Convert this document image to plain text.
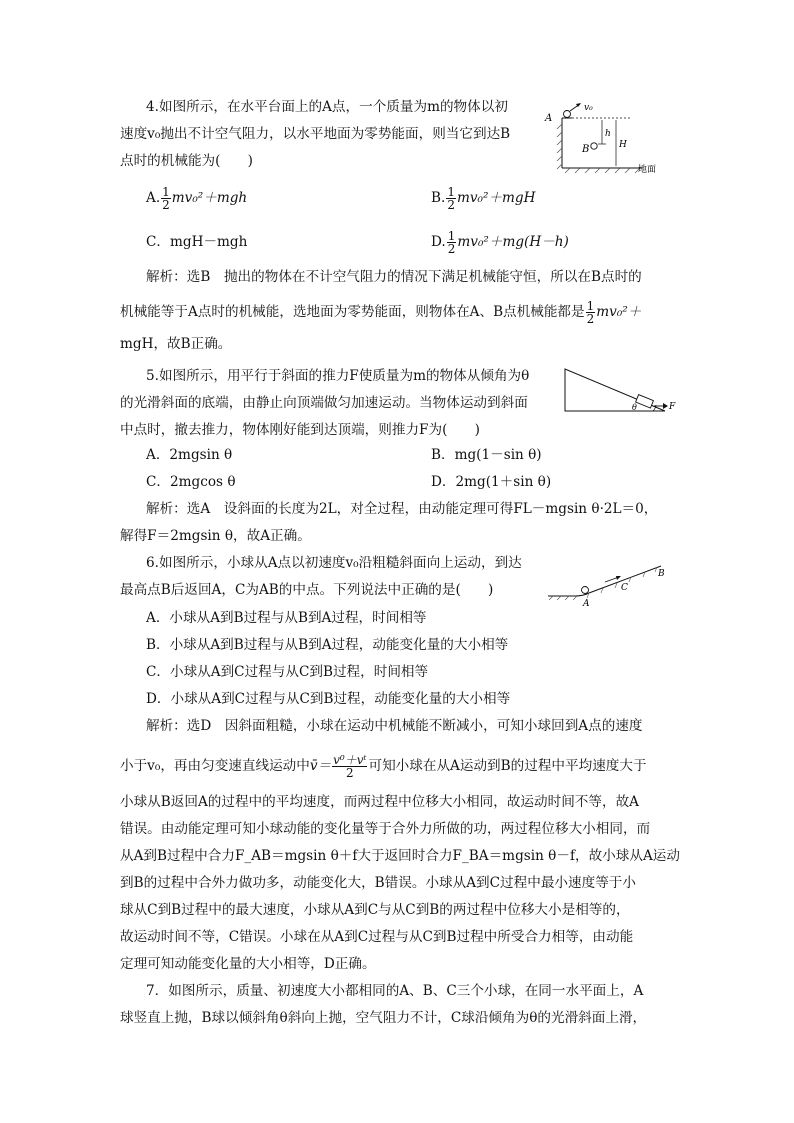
4.如图所示，在水平台面上的A点，一个质量为m的物体以初
速度v₀抛出不计空气阻力，以水平地面为零势能面，则当它到达B
点时的机械能为(　　)
A. $\frac{1}{2} mv_0^2+mgh$	B. $\frac{1}{2} mv_0^2+mgH$
C．mgH－mgh	D. $\frac{1}{2} mv_0^2+mg(H-h)$
v₀
A
B
h
H
地面
解析：选B　抛出的物体在不计空气阻力的情况下满足机械能守恒，所以在B点时的
机械能等于A点时的机械能，选地面为零势能面，则物体在A、B点机械能都是 $\frac{1}{2} mv_0^2+$
mgH，故B正确。
5.如图所示，用平行于斜面的推力F使质量为m的物体从倾角为θ
的光滑斜面的底端，由静止向顶端做匀加速运动。当物体运动到斜面
中点时，撤去推力，物体刚好能到达顶端，则推力F为(　　)
θ	F
A．2mgsin θ	B．mg(1－sin θ)
C．2mgcos θ	D．2mg(1＋sin θ)
解析：选A　设斜面的长度为2L，对全过程，由动能定理可得FL－mgsin θ·2L＝0，
解得F＝2mgsin θ，故A正确。
6.如图所示，小球从A点以初速度v₀沿粗糙斜面向上运动，到达
最高点B后返回A，C为AB的中点。下列说法中正确的是(　　)
A
C
B
A．小球从A到B过程与从B到A过程，时间相等
B．小球从A到B过程与从B到A过程，动能变化量的大小相等
C．小球从A到C过程与从C到B过程，时间相等
D．小球从A到C过程与从C到B过程，动能变化量的大小相等
解析：选D　因斜面粗糙，小球在运动中机械能不断减小，可知小球回到A点的速度
小于v₀，再由匀变速直线运动中v̄＝ $\frac{\text{v⁰＋vᵗ}}{2}$ 可知小球在从A运动到B的过程中平均速度大于
小球从B返回A的过程中的平均速度，而两过程中位移大小相同，故运动时间不等，故A
错误。由动能定理可知小球动能的变化量等于合外力所做的功，两过程位移大小相同，而
从A到B过程中合力F_AB＝mgsin θ＋f大于返回时合力F_BA＝mgsin θ－f，故小球从A运动
到B的过程中合外力做功多，动能变化大，B错误。小球从A到C过程中最小速度等于小
球从C到B过程中的最大速度，小球从A到C与从C到B的两过程中位移大小是相等的，
故运动时间不等，C错误。小球在从A到C过程与从C到B过程中所受合力相等，由动能
定理可知动能变化量的大小相等，D正确。
7．如图所示，质量、初速度大小都相同的A、B、C三个小球，在同一水平面上，A
球竖直上抛，B球以倾斜角θ斜向上抛，空气阻力不计，C球沿倾角为θ的光滑斜面上滑，
